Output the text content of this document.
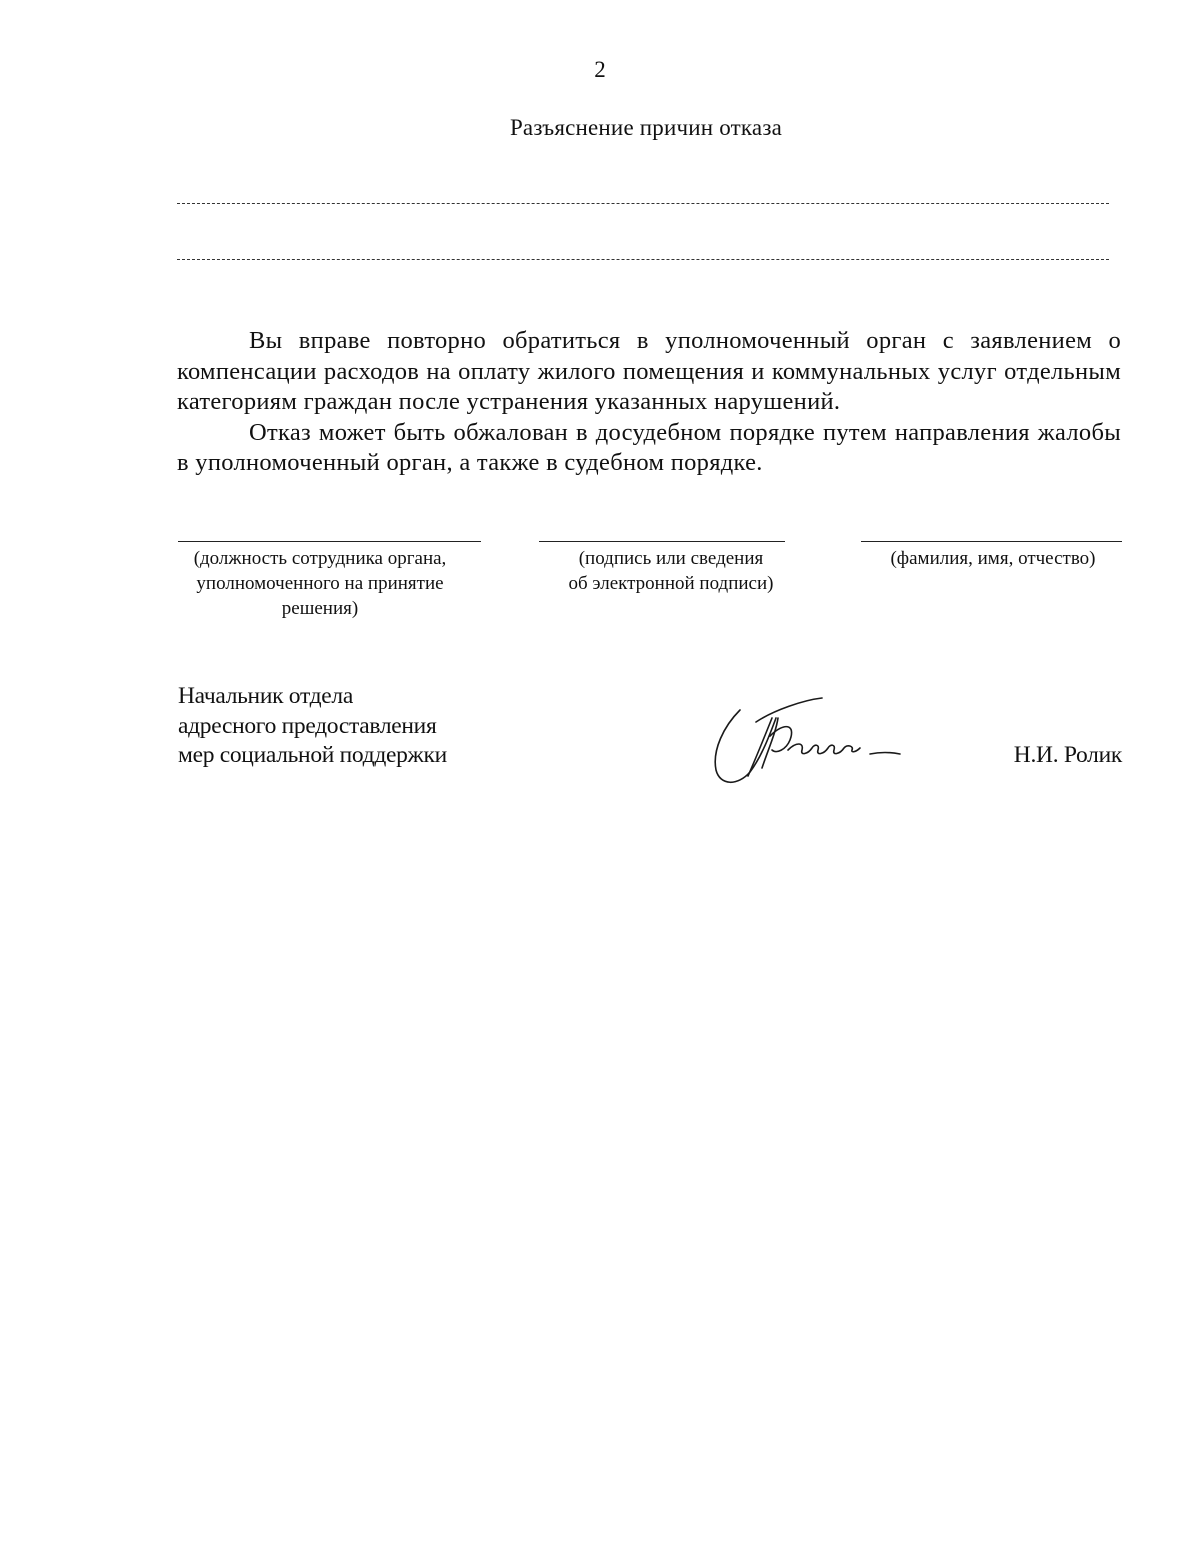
2
Разъяснение причин отказа

Вы вправе повторно обратиться в уполномоченный орган с заявлением о компенсации расходов на оплату жилого помещения и коммунальных услуг отдельным категориям граждан после устранения указанных нарушений.

Отказ может быть обжалован в досудебном порядке путем направления жалобы в уполномоченный орган, а также в судебном порядке.

(должность сотрудника органа,
уполномоченного на принятие
решения)
(подпись или сведения
об электронной подписи)
(фамилия, имя, отчество)
Начальник отдела
адресного предоставления
мер социальной поддержки	Н.И. Ролик
